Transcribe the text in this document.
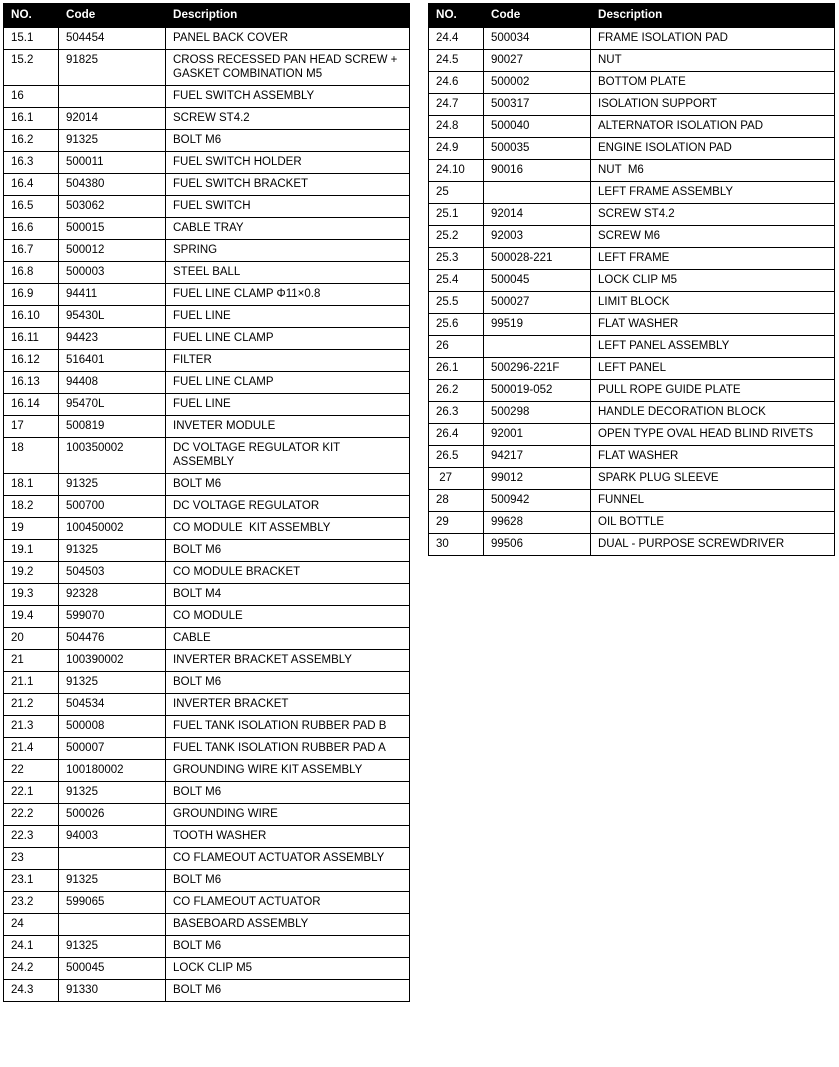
NO.	Code	Description
15.1	504454	PANEL BACK COVER
15.2	91825	CROSS RECESSED PAN HEAD SCREW + GASKET COMBINATION M5
16		FUEL SWITCH ASSEMBLY
16.1	92014	SCREW ST4.2
16.2	91325	BOLT M6
16.3	500011	FUEL SWITCH HOLDER
16.4	504380	FUEL SWITCH BRACKET
16.5	503062	FUEL SWITCH
16.6	500015	CABLE TRAY
16.7	500012	SPRING
16.8	500003	STEEL BALL
16.9	94411	FUEL LINE CLAMP Φ11×0.8
16.10	95430L	FUEL LINE
16.11	94423	FUEL LINE CLAMP
16.12	516401	FILTER
16.13	94408	FUEL LINE CLAMP
16.14	95470L	FUEL LINE
17	500819	INVETER MODULE
18	100350002	DC VOLTAGE REGULATOR KIT ASSEMBLY
18.1	91325	BOLT M6
18.2	500700	DC VOLTAGE REGULATOR
19	100450002	CO MODULE  KIT ASSEMBLY
19.1	91325	BOLT M6
19.2	504503	CO MODULE BRACKET
19.3	92328	BOLT M4
19.4	599070	CO MODULE
20	504476	CABLE
21	100390002	INVERTER BRACKET ASSEMBLY
21.1	91325	BOLT M6
21.2	504534	INVERTER BRACKET
21.3	500008	FUEL TANK ISOLATION RUBBER PAD B
21.4	500007	FUEL TANK ISOLATION RUBBER PAD A
22	100180002	GROUNDING WIRE KIT ASSEMBLY
22.1	91325	BOLT M6
22.2	500026	GROUNDING WIRE
22.3	94003	TOOTH WASHER
23		CO FLAMEOUT ACTUATOR ASSEMBLY
23.1	91325	BOLT M6
23.2	599065	CO FLAMEOUT ACTUATOR
24		BASEBOARD ASSEMBLY
24.1	91325	BOLT M6
24.2	500045	LOCK CLIP M5
24.3	91330	BOLT M6
NO.	Code	Description
24.4	500034	FRAME ISOLATION PAD
24.5	90027	NUT
24.6	500002	BOTTOM PLATE
24.7	500317	ISOLATION SUPPORT
24.8	500040	ALTERNATOR ISOLATION PAD
24.9	500035	ENGINE ISOLATION PAD
24.10	90016	NUT  M6
25		LEFT FRAME ASSEMBLY
25.1	92014	SCREW ST4.2
25.2	92003	SCREW M6
25.3	500028-221	LEFT FRAME
25.4	500045	LOCK CLIP M5
25.5	500027	LIMIT BLOCK
25.6	99519	FLAT WASHER
26		LEFT PANEL ASSEMBLY
26.1	500296-221F	LEFT PANEL
26.2	500019-052	PULL ROPE GUIDE PLATE
26.3	500298	HANDLE DECORATION BLOCK
26.4	92001	OPEN TYPE OVAL HEAD BLIND RIVETS
26.5	94217	FLAT WASHER
27	99012	SPARK PLUG SLEEVE
28	500942	FUNNEL
29	99628	OIL BOTTLE
30	99506	DUAL - PURPOSE SCREWDRIVER
